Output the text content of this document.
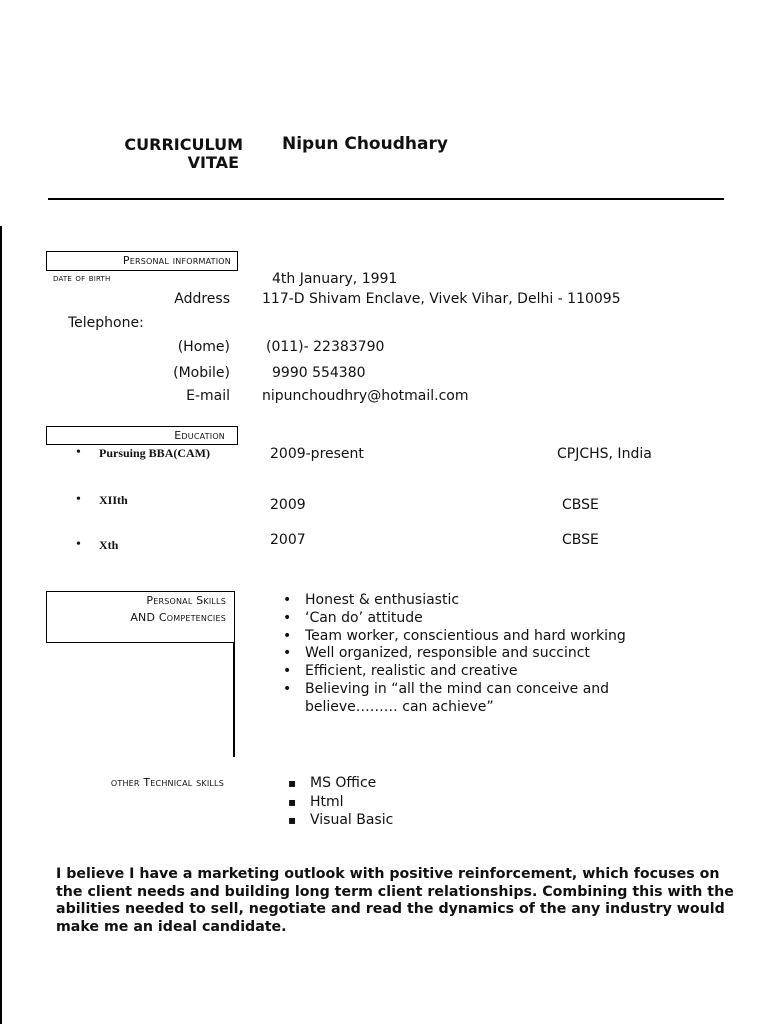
CURRICULUM
VITAE
Nipun Choudhary
Personal information
date of birth	4th January, 1991
Address 117-D Shivam Enclave, Vivek Vihar, Delhi - 110095
Telephone:
(Home)	(011)- 22383790
(Mobile)	9990 554380
E-mail nipunchoudhry@hotmail.com
Education
• Pursuing BBA(CAM)	2009-present	CPJCHS, India
• XIIth	2009	CBSE
• Xth	2007	CBSE
Personal Skills
AND Competencies
• Honest & enthusiastic
• ‘Can do’ attitude
• Team worker, conscientious and hard working
• Well organized, responsible and succinct
• Efficient, realistic and creative
• Believing in “all the mind can conceive and believe……… can achieve”
other Technical skills
▪	MS Office
▪ Html
▪ Visual Basic
I believe I have a marketing outlook with positive reinforcement, which focuses on the client needs and building long term client relationships. Combining this with the abilities needed to sell, negotiate and read the dynamics of the any industry would make me an ideal candidate.
